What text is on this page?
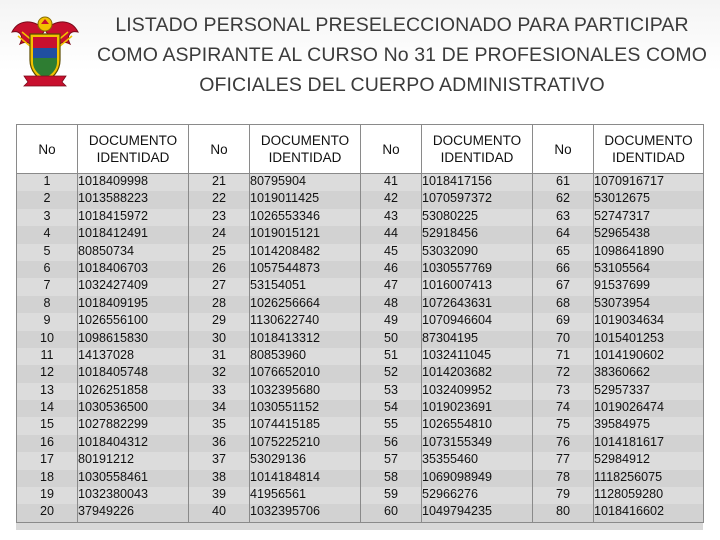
LISTADO PERSONAL PRESELECCIONADO PARA PARTICIPAR
COMO ASPIRANTE AL CURSO No 31 DE PROFESIONALES COMO
OFICIALES DEL CUERPO ADMINISTRATIVO
No	DOCUMENTO IDENTIDAD	No	DOCUMENTO IDENTIDAD	No	DOCUMENTO IDENTIDAD	No	DOCUMENTO IDENTIDAD
1	1018409998	21	80795904	41	1018417156	61	1070916717
2	1013588223	22	1019011425	42	1070597372	62	53012675
3	1018415972	23	1026553346	43	53080225	63	52747317
4	1018412491	24	1019015121	44	52918456	64	52965438
5	80850734	25	1014208482	45	53032090	65	1098641890
6	1018406703	26	1057544873	46	1030557769	66	53105564
7	1032427409	27	53154051	47	1016007413	67	91537699
8	1018409195	28	1026256664	48	1072643631	68	53073954
9	1026556100	29	1130622740	49	1070946604	69	1019034634
10	1098615830	30	1018413312	50	87304195	70	1015401253
11	14137028	31	80853960	51	1032411045	71	1014190602
12	1018405748	32	1076652010	52	1014203682	72	38360662
13	1026251858	33	1032395680	53	1032409952	73	52957337
14	1030536500	34	1030551152	54	1019023691	74	1019026474
15	1027882299	35	1074415185	55	1026554810	75	39584975
16	1018404312	36	1075225210	56	1073155349	76	1014181617
17	80191212	37	53029136	57	35355460	77	52984912
18	1030558461	38	1014184814	58	1069098949	78	1118256075
19	1032380043	39	41956561	59	52966276	79	1128059280
20	37949226	40	1032395706	60	1049794235	80	1018416602
